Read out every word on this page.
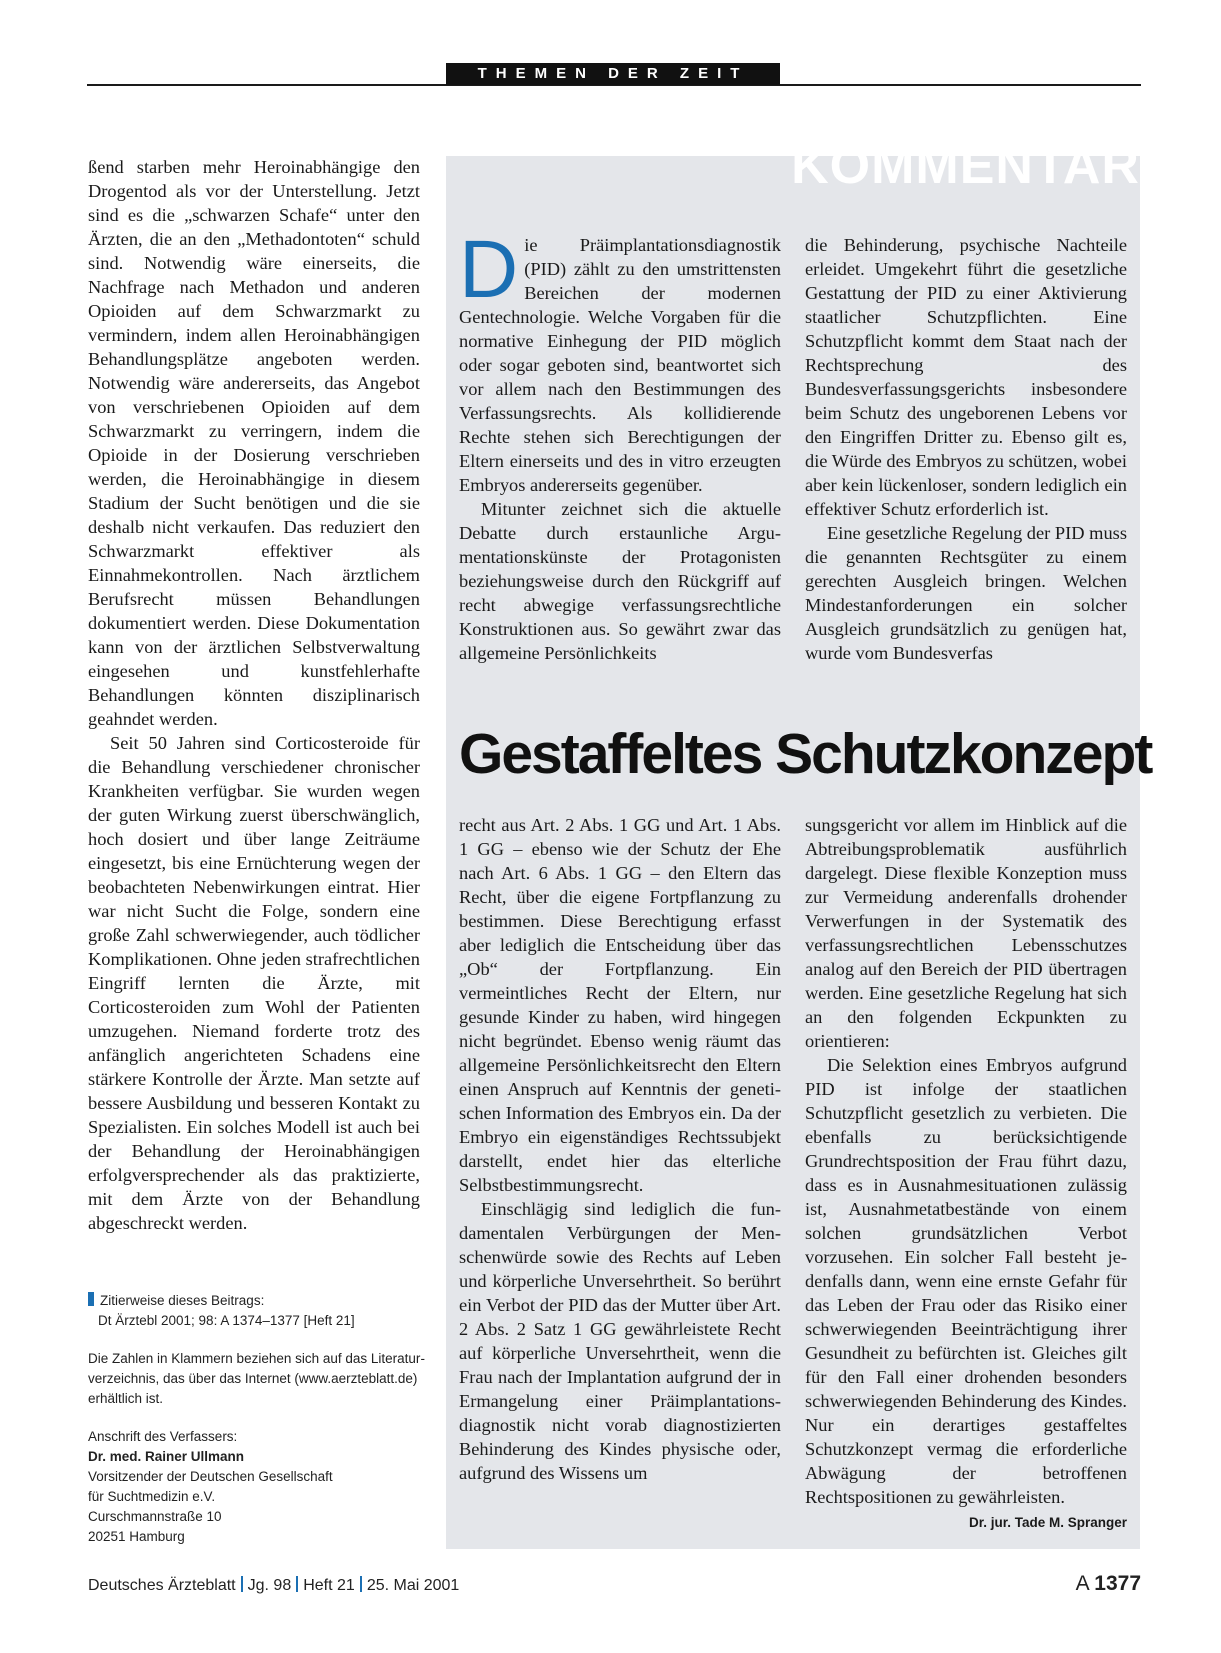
THEMEN DER ZEIT

ßend starben mehr Heroinabhängige den Drogentod als vor der Unterstellung. Jetzt sind es die „schwarzen Schafe“ unter den Ärzten, die an den „Methadontoten“ schuld sind. Notwendig wäre einerseits, die Nachfrage nach Methadon und anderen Opioiden auf dem Schwarzmarkt zu vermindern, indem allen Heroinabhängigen Behandlungsplätze angeboten werden. Notwendig wäre andererseits, das Angebot von verschriebenen Opioiden auf dem Schwarzmarkt zu verringern, indem die Opioide in der Dosierung verschrieben werden, die Heroinabhängige in diesem Stadium der Sucht benötigen und die sie deshalb nicht verkaufen. Das reduziert den Schwarzmarkt effektiver als Einnahmekontrollen. Nach ärztlichem Berufsrecht müssen Behandlungen dokumentiert werden. Diese Dokumentation kann von der ärztlichen Selbstverwaltung eingesehen und kunstfehlerhafte Behandlungen könnten disziplinarisch geahndet werden.

Seit 50 Jahren sind Corticosteroide für die Behandlung verschiedener chronischer Krankheiten verfügbar. Sie wurden wegen der guten Wirkung zuerst überschwänglich, hoch dosiert und über lange Zeiträume eingesetzt, bis eine Ernüchterung wegen der beobachteten Nebenwirkungen eintrat. Hier war nicht Sucht die Folge, sondern eine große Zahl schwerwiegender, auch tödlicher Komplikationen. Ohne jeden strafrechtlichen Eingriff lernten die Ärzte, mit Corticosteroiden zum Wohl der Patienten umzugehen. Niemand forderte trotz des anfänglich angerichteten Schadens eine stärkere Kontrolle der Ärzte. Man setzte auf bessere Ausbildung und besseren Kontakt zu Spezialisten. Ein solches Modell ist auch bei der Behandlung der Heroinabhängigen erfolgversprechender als das praktizierte, mit dem Ärzte von der Behandlung abgeschreckt werden.

Zitierweise dieses Beitrags:
Dt Ärztebl 2001; 98: A 1374–1377 [Heft 21]
Die Zahlen in Klammern beziehen sich auf das Literaturverzeichnis, das über das Internet (www.aerzteblatt.de) erhältlich ist.
Anschrift des Verfassers:
Dr. med. Rainer Ullmann
Vorsitzender der Deutschen Gesellschaft
für Suchtmedizin e.V.
Curschmannstraße 10
20251 Hamburg
KOMMENTAR

Die Präimplantationsdiagnostik (PID) zählt zu den umstrittensten Bereichen der modernen Gentechnologie. Welche Vorgaben für die normative Einhegung der PID möglich oder sogar geboten sind, beantwortet sich vor allem nach den Bestimmungen des Verfassungsrechts. Als kollidierende Rechte stehen sich Berechtigungen der Eltern einerseits und des in vitro erzeugten Embryos andererseits gegenüber.

Mitunter zeichnet sich die aktuelle Debatte durch erstaunliche Argumentationskünste der Protagonisten beziehungsweise durch den Rückgriff auf recht abwegige verfassungsrechtliche Konstruktionen aus. So gewährt zwar das allgemeine Persönlichkeits

die Behinderung, psychische Nachteile erleidet. Umgekehrt führt die gesetzliche Gestattung der PID zu einer Aktivierung staatlicher Schutzpflichten. Eine Schutzpflicht kommt dem Staat nach der Rechtsprechung des Bundesverfassungsgerichts insbesondere beim Schutz des ungeborenen Lebens vor den Eingriffen Dritter zu. Ebenso gilt es, die Würde des Embryos zu schützen, wobei aber kein lückenloser, sondern lediglich ein effektiver Schutz erforderlich ist.

Eine gesetzliche Regelung der PID muss die genannten Rechtsgüter zu einem gerechten Ausgleich bringen. Welchen Mindestanforderungen ein solcher Ausgleich grundsätzlich zu genügen hat, wurde vom Bundesverfas

Gestaffeltes Schutzkonzept

recht aus Art. 2 Abs. 1 GG und Art. 1 Abs. 1 GG – ebenso wie der Schutz der Ehe nach Art. 6 Abs. 1 GG – den Eltern das Recht, über die eigene Fortpflanzung zu bestimmen. Diese Berechtigung erfasst aber lediglich die Entscheidung über das „Ob“ der Fortpflanzung. Ein vermeintliches Recht der Eltern, nur gesunde Kinder zu haben, wird hingegen nicht begründet. Ebenso wenig räumt das allgemeine Persönlichkeitsrecht den Eltern einen Anspruch auf Kenntnis der genetischen Information des Embryos ein. Da der Embryo ein eigenständiges Rechtssubjekt darstellt, endet hier das elterliche Selbstbestimmungsrecht.

Einschlägig sind lediglich die fundamentalen Verbürgungen der Menschenwürde sowie des Rechts auf Leben und körperliche Unversehrtheit. So berührt ein Verbot der PID das der Mutter über Art. 2 Abs. 2 Satz 1 GG gewährleistete Recht auf körperliche Unversehrtheit, wenn die Frau nach der Implantation aufgrund der in Ermangelung einer Präimplantationsdiagnostik nicht vorab diagnostizierten Behinderung des Kindes physische oder, aufgrund des Wissens um

sungsgericht vor allem im Hinblick auf die Abtreibungsproblematik ausführlich dargelegt. Diese flexible Konzeption muss zur Vermeidung anderenfalls drohender Verwerfungen in der Systematik des verfassungsrechtlichen Lebensschutzes analog auf den Bereich der PID übertragen werden. Eine gesetzliche Regelung hat sich an den folgenden Eckpunkten zu orientieren:

Die Selektion eines Embryos aufgrund PID ist infolge der staatlichen Schutzpflicht gesetzlich zu verbieten. Die ebenfalls zu berücksichtigende Grundrechtsposition der Frau führt dazu, dass es in Ausnahmesituationen zulässig ist, Ausnahmetatbestände von einem solchen grundsätzlichen Verbot vorzusehen. Ein solcher Fall besteht jedenfalls dann, wenn eine ernste Gefahr für das Leben der Frau oder das Risiko einer schwerwiegenden Beeinträchtigung ihrer Gesundheit zu befürchten ist. Gleiches gilt für den Fall einer drohenden besonders schwerwiegenden Behinderung des Kindes. Nur ein derartiges gestaffeltes Schutzkonzept vermag die erforderliche Abwägung der betroffenen Rechtspositionen zu gewährleisten.
Dr. jur. Tade M. Spranger

Deutsches Ärzteblatt Jg. 98 Heft 21 25. Mai 2001	A 1377
